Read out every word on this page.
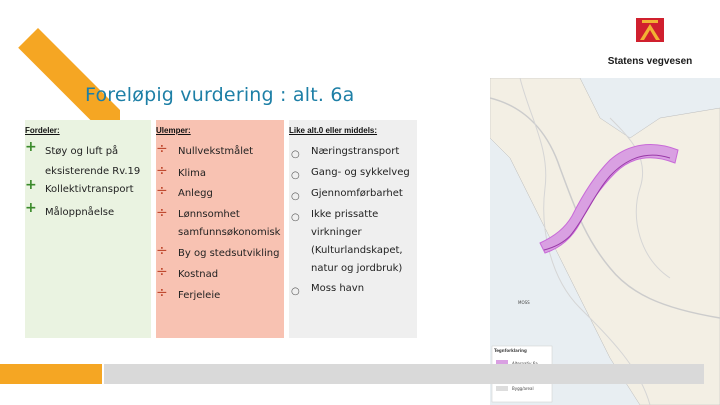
Statens vegvesen
Foreløpig vurdering : alt. 6a
Fordeler:
+ Støy og luft på
eksisterende Rv.19
+ Kollektivtransport
+ Måloppnåelse
Ulemper:
÷ Nullvekstmålet
÷ Klima
÷ Anlegg
÷ Lønnsomhet
samfunnsøkonomisk
÷ By og stedsutvikling
÷ Kostnad
÷ Ferjeleie
Like alt.0 eller middels:
○ Næringstransport
○ Gang- og sykkelveg
○ Gjennomførbarhet
○ Ikke prissatte
virkninger
(Kulturlandskapet,
natur og jordbruk)
○ Moss havn
MOSS
Tegnforklaring
Bygg/areal
